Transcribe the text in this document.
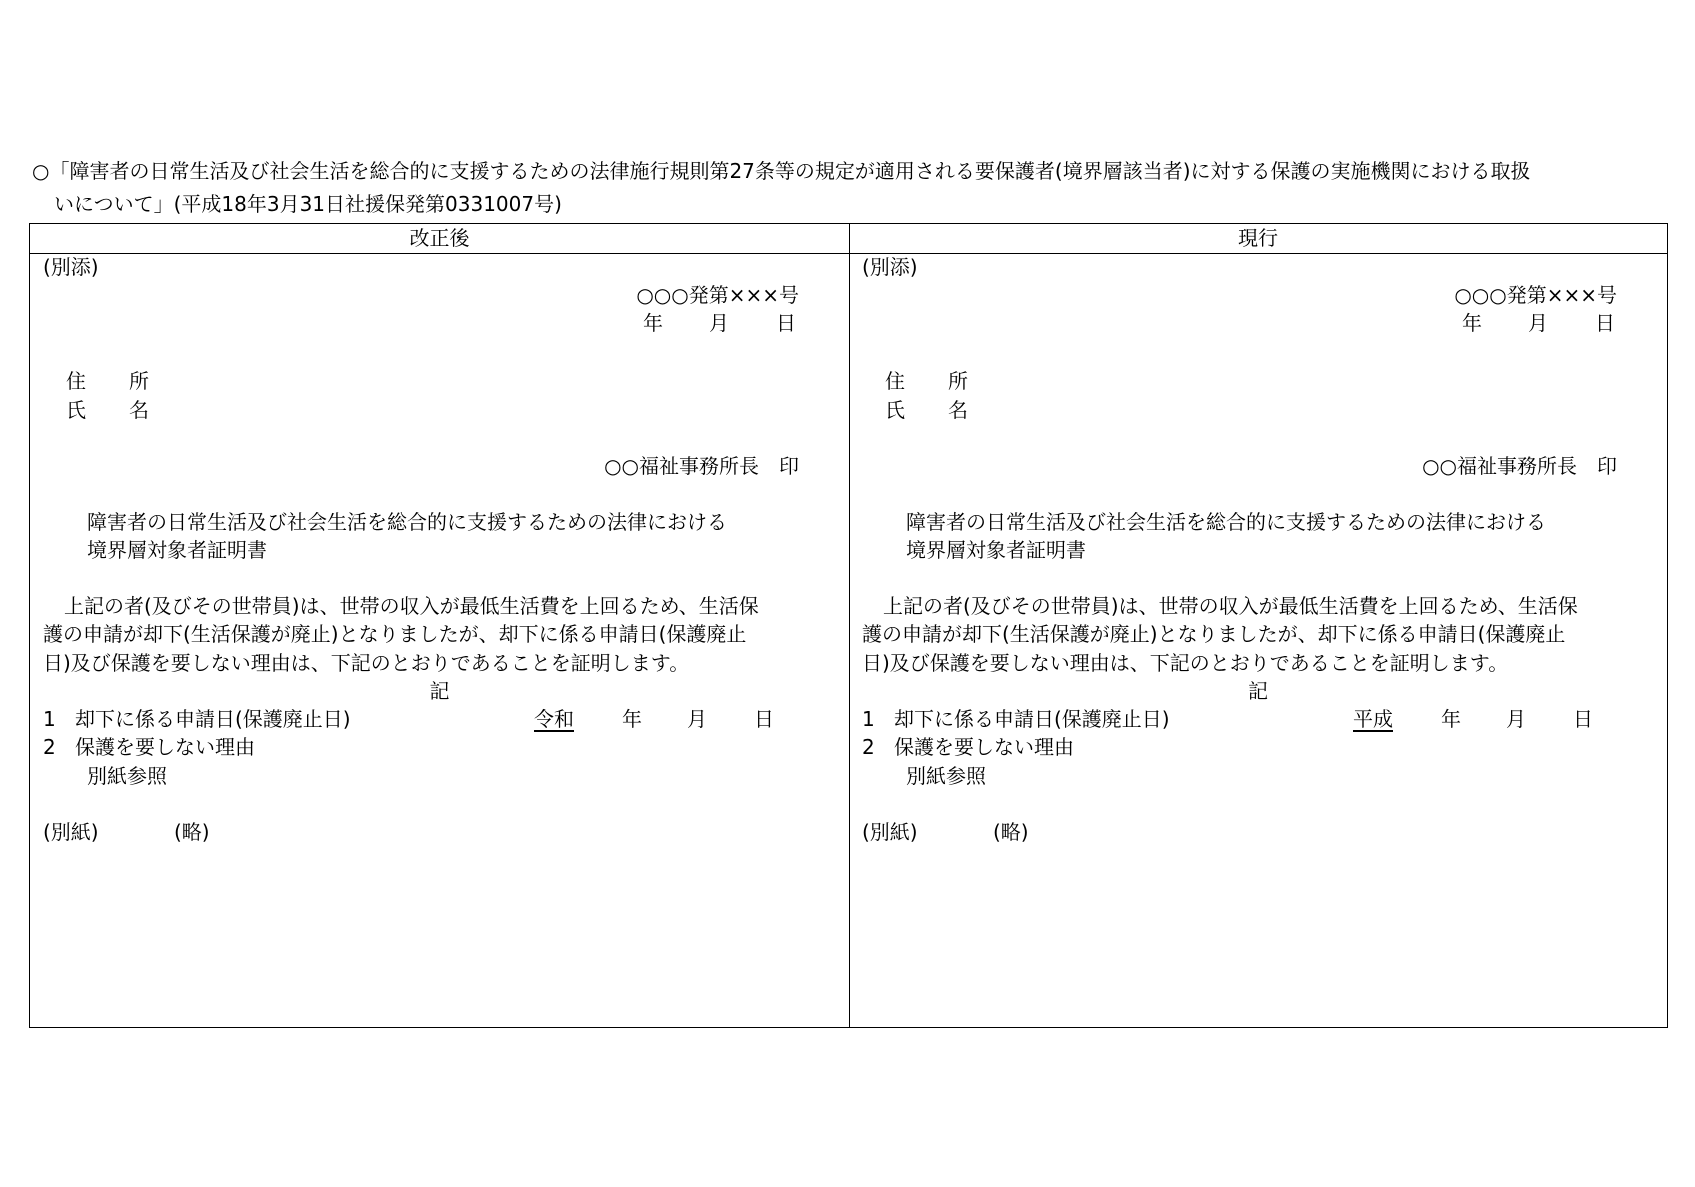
○「障害者の日常生活及び社会生活を総合的に支援するための法律施行規則第27条等の規定が適用される要保護者(境界層該当者)に対する保護の実施機関における取扱
いについて」(平成18年3月31日社援保発第0331007号)
改正後
(別添)
○○○発第×××号
年 月 日
住 所
氏 名
○○福祉事務所長　印
障害者の日常生活及び社会生活を総合的に支援するための法律における
境界層対象者証明書
上記の者(及びその世帯員)は、世帯の収入が最低生活費を上回るため、生活保
護の申請が却下(生活保護が廃止)となりましたが、却下に係る申請日(保護廃止
日)及び保護を要しない理由は、下記のとおりであることを証明します。
記
1 却下に係る申請日(保護廃止日)	令和 年 月 日
2 保護を要しない理由
別紙参照
(別紙)	(略)
現行
(別添)
○○○発第×××号
年 月 日
住 所
氏 名
○○福祉事務所長　印
障害者の日常生活及び社会生活を総合的に支援するための法律における
境界層対象者証明書
上記の者(及びその世帯員)は、世帯の収入が最低生活費を上回るため、生活保
護の申請が却下(生活保護が廃止)となりましたが、却下に係る申請日(保護廃止
日)及び保護を要しない理由は、下記のとおりであることを証明します。
記
1 却下に係る申請日(保護廃止日)	平成 年 月 日
2 保護を要しない理由
別紙参照
(別紙)	(略)
